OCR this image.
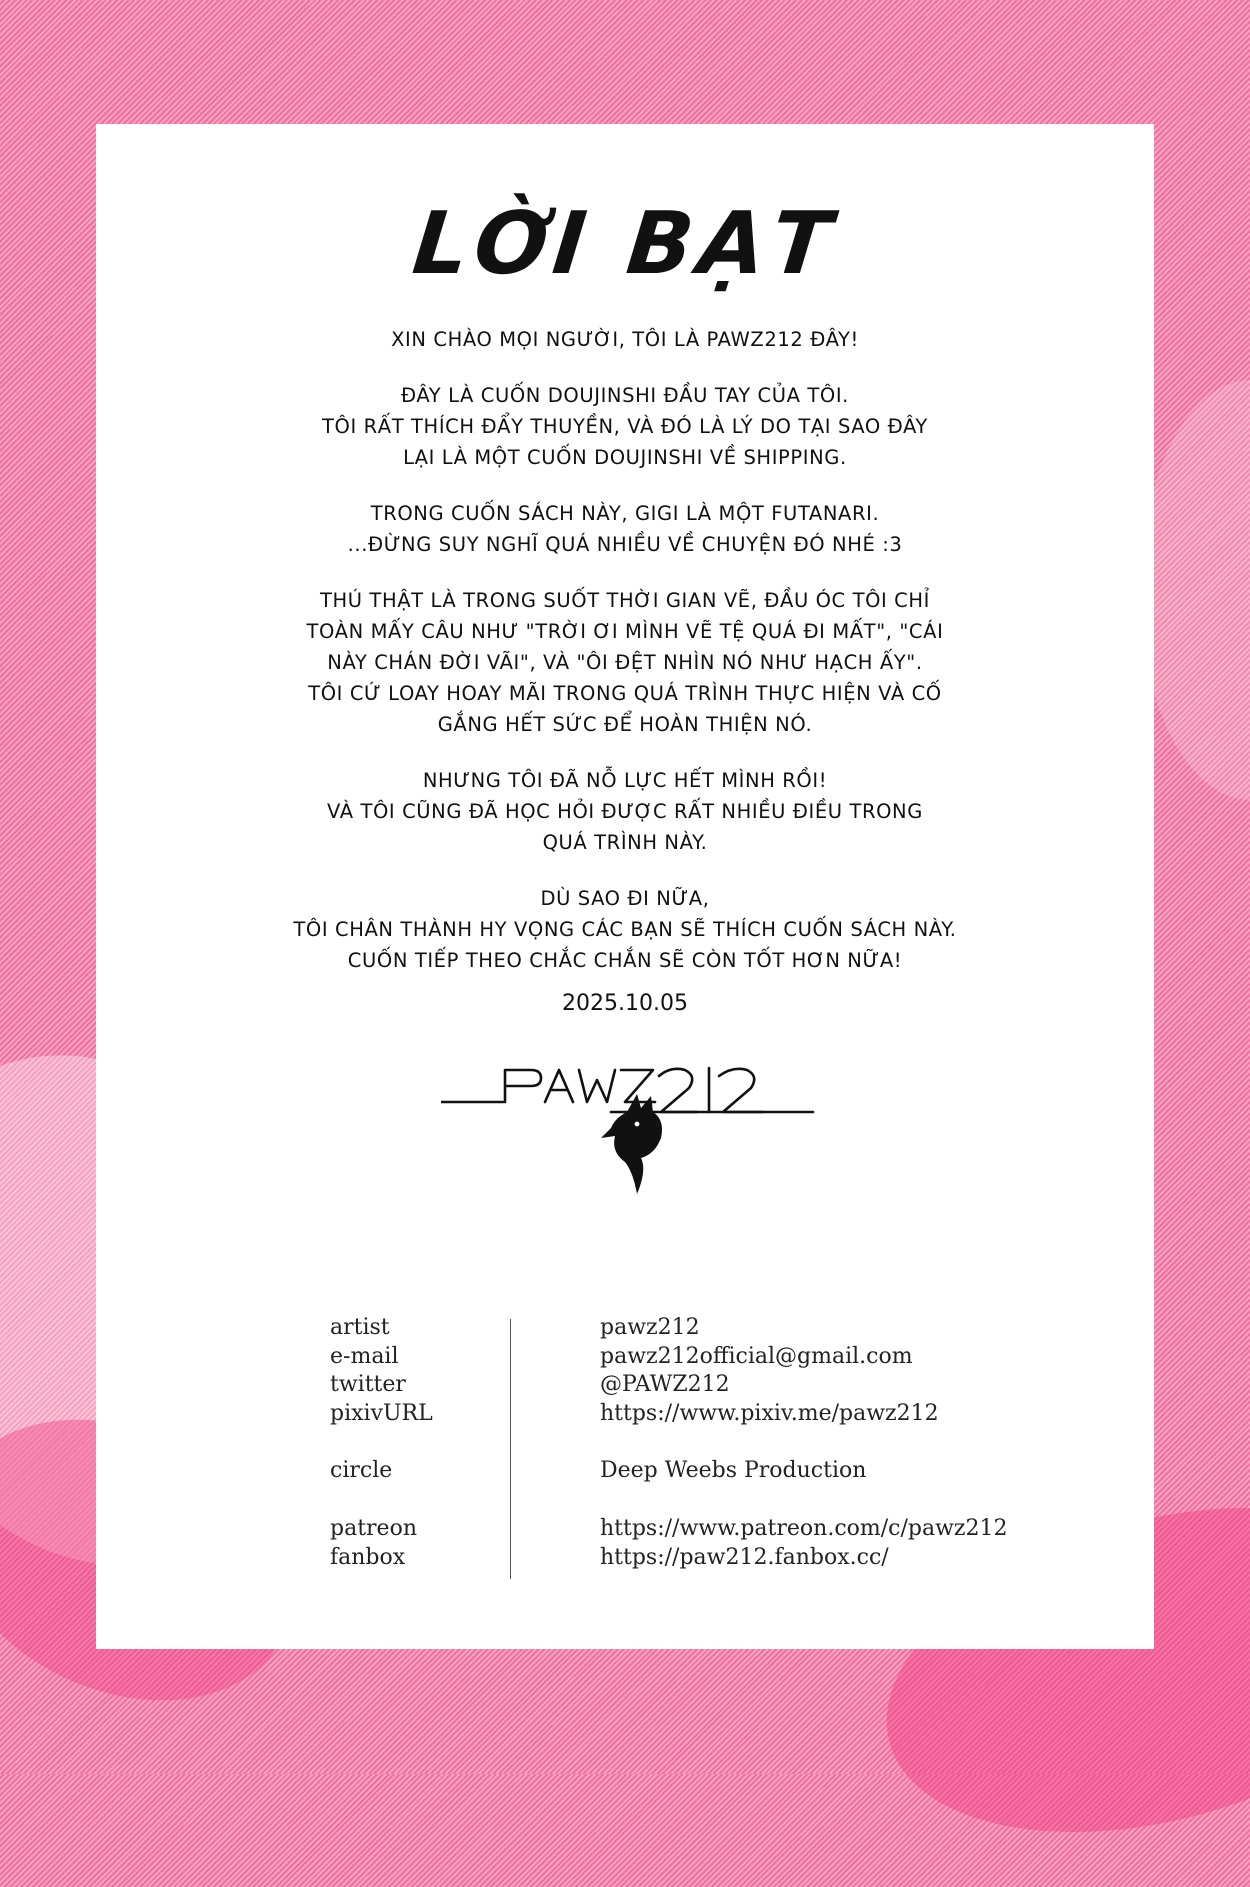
LỜI BẠT

XIN CHÀO MỌI NGƯỜI, TÔI LÀ PAWZ212 ĐÂY!

ĐÂY LÀ CUỐN DOUJINSHI ĐẦU TAY CỦA TÔI.
TÔI RẤT THÍCH ĐẨY THUYỀN, VÀ ĐÓ LÀ LÝ DO TẠI SAO ĐÂY
LẠI LÀ MỘT CUỐN DOUJINSHI VỀ SHIPPING.

TRONG CUỐN SÁCH NÀY, GIGI LÀ MỘT FUTANARI.
...ĐỪNG SUY NGHĨ QUÁ NHIỀU VỀ CHUYỆN ĐÓ NHÉ :3

THÚ THẬT LÀ TRONG SUỐT THỜI GIAN VẼ, ĐẦU ÓC TÔI CHỈ
TOÀN MẤY CÂU NHƯ "TRỜI ƠI MÌNH VẼ TỆ QUÁ ĐI MẤT", "CÁI
NÀY CHÁN ĐỜI VÃI", VÀ "ÔI ĐỆT NHÌN NÓ NHƯ HẠCH ẤY".
TÔI CỨ LOAY HOAY MÃI TRONG QUÁ TRÌNH THỰC HIỆN VÀ CỐ
GẮNG HẾT SỨC ĐỂ HOÀN THIỆN NÓ.

NHƯNG TÔI ĐÃ NỖ LỰC HẾT MÌNH RỒI!
VÀ TÔI CŨNG ĐÃ HỌC HỎI ĐƯỢC RẤT NHIỀU ĐIỀU TRONG
QUÁ TRÌNH NÀY.

DÙ SAO ĐI NỮA,
TÔI CHÂN THÀNH HY VỌNG CÁC BẠN SẼ THÍCH CUỐN SÁCH NÀY.
CUỐN TIẾP THEO CHẮC CHẮN SẼ CÒN TỐT HƠN NỮA!

2025.10.05
artist	pawz212
e-mail	pawz212official@gmail.com
twitter	@PAWZ212
pixivURL	https://www.pixiv.me/pawz212
circle	Deep Weebs Production
patreon	https://www.patreon.com/c/pawz212
fanbox	https://paw212.fanbox.cc/
